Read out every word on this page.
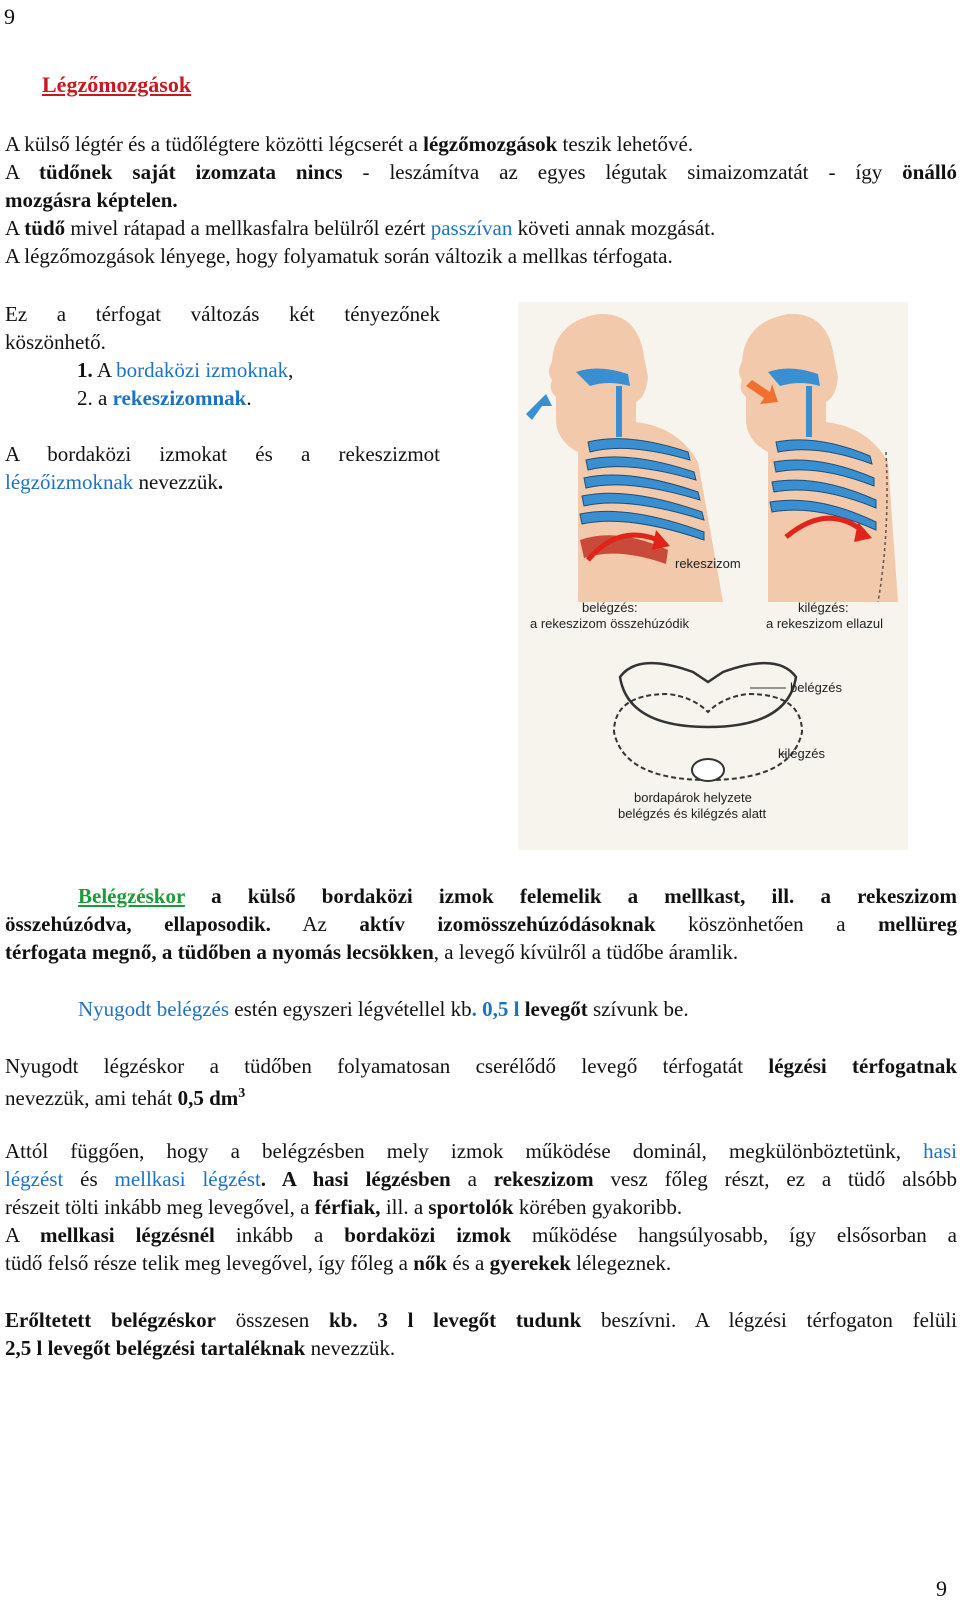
9
Légzőmozgások
A külső légtér és a tüdőlégtere közötti légcserét a légzőmozgások teszik lehetővé.
A tüdőnek saját izomzata nincs - leszámítva az egyes légutak simaizomzatát - így önálló
mozgásra képtelen.
A tüdő mivel rátapad a mellkasfalra belülről ezért passzívan követi annak mozgását.
A légzőmozgások lényege, hogy folyamatuk során változik a mellkas térfogata.
Ez a térfogat változás két tényezőnek
köszönhető.
1. A bordaközi izmoknak,
2. a rekeszizomnak.
A bordaközi izmokat és a rekeszizmot
légzőizmoknak nevezzük.
rekeszizom
belégzés:
a rekeszizom összehúzódik
kilégzés:
a rekeszizom ellazul
belégzés
kilégzés
bordapárok helyzete
belégzés és kilégzés alatt
Belégzéskor a külső bordaközi izmok felemelik a mellkast, ill. a rekeszizom
összehúzódva, ellaposodik. Az aktív izomösszehúzódásoknak köszönhetően a mellüreg
térfogata megnő, a tüdőben a nyomás lecsökken, a levegő kívülről a tüdőbe áramlik.
Nyugodt belégzés estén egyszeri légvétellel kb. 0,5 l levegőt szívunk be.
Nyugodt légzéskor a tüdőben folyamatosan cserélődő levegő térfogatát légzési térfogatnak
nevezzük, ami tehát 0,5 $dm^3$
Attól függően, hogy a belégzésben mely izmok működése dominál, megkülönböztetünk, hasi
légzést és mellkasi légzést. A hasi légzésben a rekeszizom vesz főleg részt, ez a tüdő alsóbb
részeit tölti inkább meg levegővel, a férfiak, ill. a sportolók körében gyakoribb.
A mellkasi légzésnél inkább a bordaközi izmok működése hangsúlyosabb, így elsősorban a
tüdő felső része telik meg levegővel, így főleg a nők és a gyerekek lélegeznek.
Erőltetett belégzéskor összesen kb. 3 l levegőt tudunk beszívni. A légzési térfogaton felüli
2,5 l levegőt belégzési tartaléknak nevezzük.
9
